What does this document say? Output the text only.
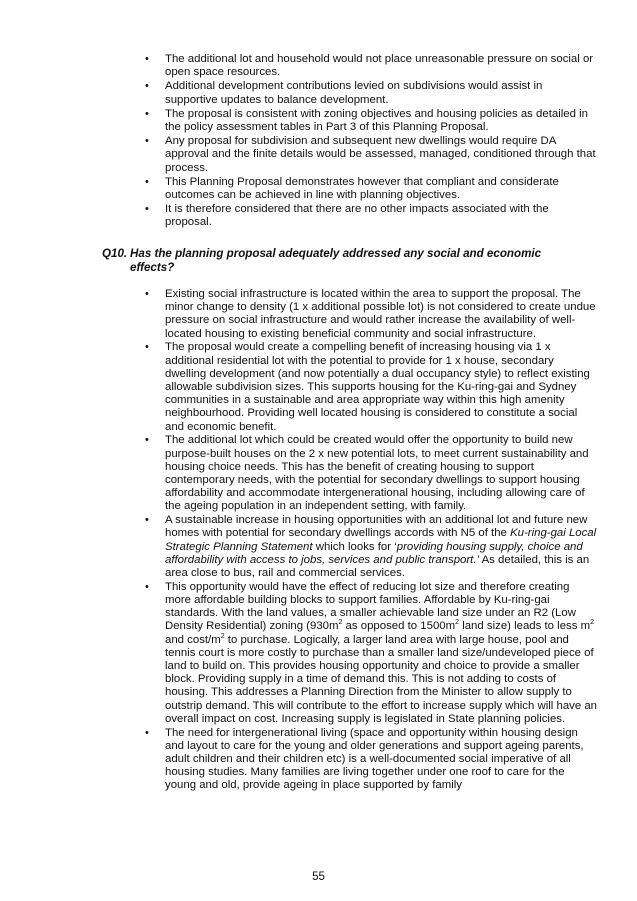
• The additional lot and household would not place unreasonable pressure on social or open space resources.
• Additional development contributions levied on subdivisions would assist in supportive updates to balance development.
• The proposal is consistent with zoning objectives and housing policies as detailed in the policy assessment tables in Part 3 of this Planning Proposal.
• Any proposal for subdivision and subsequent new dwellings would require DA approval and the finite details would be assessed, managed, conditioned through that process.
• This Planning Proposal demonstrates however that compliant and considerate outcomes can be achieved in line with planning objectives.
• It is therefore considered that there are no other impacts associated with the proposal.
Q10. Has the planning proposal adequately addressed any social and economic effects?
• Existing social infrastructure is located within the area to support the proposal. The minor change to density (1 x additional possible lot) is not considered to create undue pressure on social infrastructure and would rather increase the availability of well-located housing to existing beneficial community and social infrastructure.
• The proposal would create a compelling benefit of increasing housing via 1 x additional residential lot with the potential to provide for 1 x house, secondary dwelling development (and now potentially a dual occupancy style) to reflect existing allowable subdivision sizes. This supports housing for the Ku-ring-gai and Sydney communities in a sustainable and area appropriate way within this high amenity neighbourhood. Providing well located housing is considered to constitute a social and economic benefit.
• The additional lot which could be created would offer the opportunity to build new purpose-built houses on the 2 x new potential lots, to meet current sustainability and housing choice needs. This has the benefit of creating housing to support contemporary needs, with the potential for secondary dwellings to support housing affordability and accommodate intergenerational housing, including allowing care of the ageing population in an independent setting, with family.
• A sustainable increase in housing opportunities with an additional lot and future new homes with potential for secondary dwellings accords with N5 of the Ku-ring-gai Local Strategic Planning Statement which looks for ‘providing housing supply, choice and affordability with access to jobs, services and public transport.’ As detailed, this is an area close to bus, rail and commercial services.
• This opportunity would have the effect of reducing lot size and therefore creating more affordable building blocks to support families. Affordable by Ku-ring-gai standards. With the land values, a smaller achievable land size under an R2 (Low Density Residential) zoning ($930m^2$ as opposed to $1500m^2$ land size) leads to less $m^2$ and cost/$m^2$ to purchase. Logically, a larger land area with large house, pool and tennis court is more costly to purchase than a smaller land size/undeveloped piece of land to build on. This provides housing opportunity and choice to provide a smaller block. Providing supply in a time of demand this. This is not adding to costs of housing. This addresses a Planning Direction from the Minister to allow supply to outstrip demand. This will contribute to the effort to increase supply which will have an overall impact on cost. Increasing supply is legislated in State planning policies.
• The need for intergenerational living (space and opportunity within housing design and layout to care for the young and older generations and support ageing parents, adult children and their children etc) is a well-documented social imperative of all housing studies. Many families are living together under one roof to care for the young and old, provide ageing in place supported by family
55
